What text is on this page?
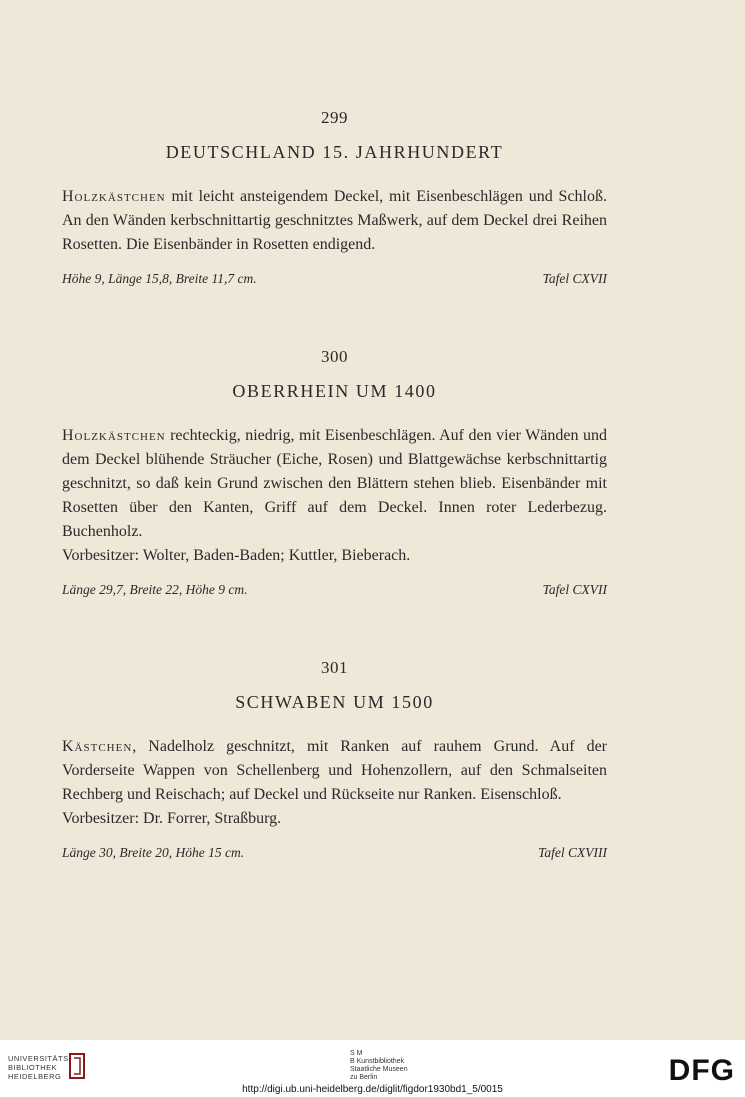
299
DEUTSCHLAND 15. JAHRHUNDERT
Holzkästchen mit leicht ansteigendem Deckel, mit Eisenbeschlägen und Schloß. An den Wänden kerbschnittartig geschnitztes Maßwerk, auf dem Deckel drei Reihen Rosetten. Die Eisenbänder in Rosetten endigend.
Höhe 9, Länge 15,8, Breite 11,7 cm.	Tafel CXVII
300
OBERRHEIN UM 1400
Holzkästchen rechteckig, niedrig, mit Eisenbeschlägen. Auf den vier Wänden und dem Deckel blühende Sträucher (Eiche, Rosen) und Blattgewächse kerbschnittartig geschnitzt, so daß kein Grund zwischen den Blättern stehen blieb. Eisenbänder mit Rosetten über den Kanten, Griff auf dem Deckel. Innen roter Lederbezug. Buchenholz.
Vorbesitzer: Wolter, Baden-Baden; Kuttler, Bieberach.
Länge 29,7, Breite 22, Höhe 9 cm.	Tafel CXVII
301
SCHWABEN UM 1500
Kästchen, Nadelholz geschnitzt, mit Ranken auf rauhem Grund. Auf der Vorderseite Wappen von Schellenberg und Hohenzollern, auf den Schmalseiten Rechberg und Reischach; auf Deckel und Rückseite nur Ranken. Eisenschloß.
Vorbesitzer: Dr. Forrer, Straßburg.
Länge 30, Breite 20, Höhe 15 cm.	Tafel CXVIII
UNIVERSITÄTS-
BIBLIOTHEK
HEIDELBERG
S M
B Kunstbibliothek
Staatliche Museen
zu Berlin	DFG
http://digi.ub.uni-heidelberg.de/diglit/figdor1930bd1_5/0015
